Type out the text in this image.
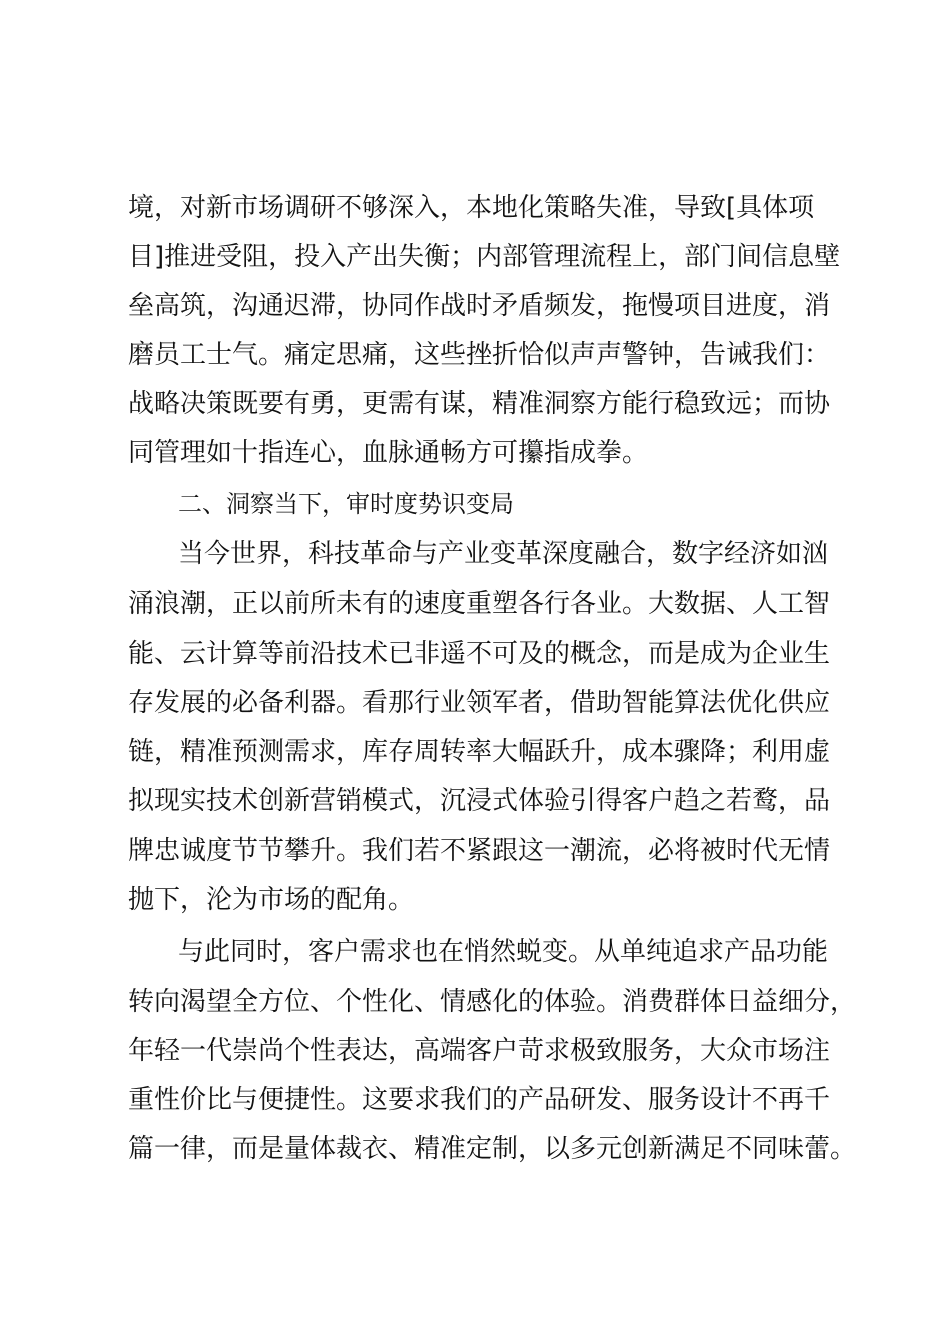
境，对新市场调研不够深入，本地化策略失准，导致[具体项
目]推进受阻，投入产出失衡；内部管理流程上，部门间信息壁
垒高筑，沟通迟滞，协同作战时矛盾频发，拖慢项目进度，消
磨员工士气。痛定思痛，这些挫折恰似声声警钟，告诫我们：
战略决策既要有勇，更需有谋，精准洞察方能行稳致远；而协
同管理如十指连心，血脉通畅方可攥指成拳。
二、洞察当下，审时度势识变局
当今世界，科技革命与产业变革深度融合，数字经济如汹
涌浪潮，正以前所未有的速度重塑各行各业。大数据、人工智
能、云计算等前沿技术已非遥不可及的概念，而是成为企业生
存发展的必备利器。看那行业领军者，借助智能算法优化供应
链，精准预测需求，库存周转率大幅跃升，成本骤降；利用虚
拟现实技术创新营销模式，沉浸式体验引得客户趋之若鹜，品
牌忠诚度节节攀升。我们若不紧跟这一潮流，必将被时代无情
抛下，沦为市场的配角。
与此同时，客户需求也在悄然蜕变。从单纯追求产品功能
转向渴望全方位、个性化、情感化的体验。消费群体日益细分，
年轻一代崇尚个性表达，高端客户苛求极致服务，大众市场注
重性价比与便捷性。这要求我们的产品研发、服务设计不再千
篇一律，而是量体裁衣、精准定制，以多元创新满足不同味蕾。
